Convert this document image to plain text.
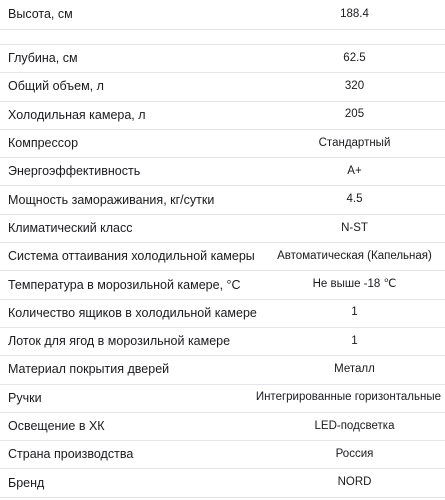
Высота, см	188.4
Глубина, см	62.5
Общий объем, л	320
Холодильная камера, л	205
Компрессор	Стандартный
Энергоэффективность	A+
Мощность замораживания, кг/сутки	4.5
Климатический класс	N-ST
Система оттаивания холодильной камеры	Автоматическая (Капельная)
Температура в морозильной камере, °C	Не выше -18 ℃
Количество ящиков в холодильной камере	1
Лоток для ягод в морозильной камере	1
Материал покрытия дверей	Металл
Ручки	Интегрированные горизонтальные
Освещение в ХК	LED-подсветка
Страна производства	Россия
Бренд	NORD
